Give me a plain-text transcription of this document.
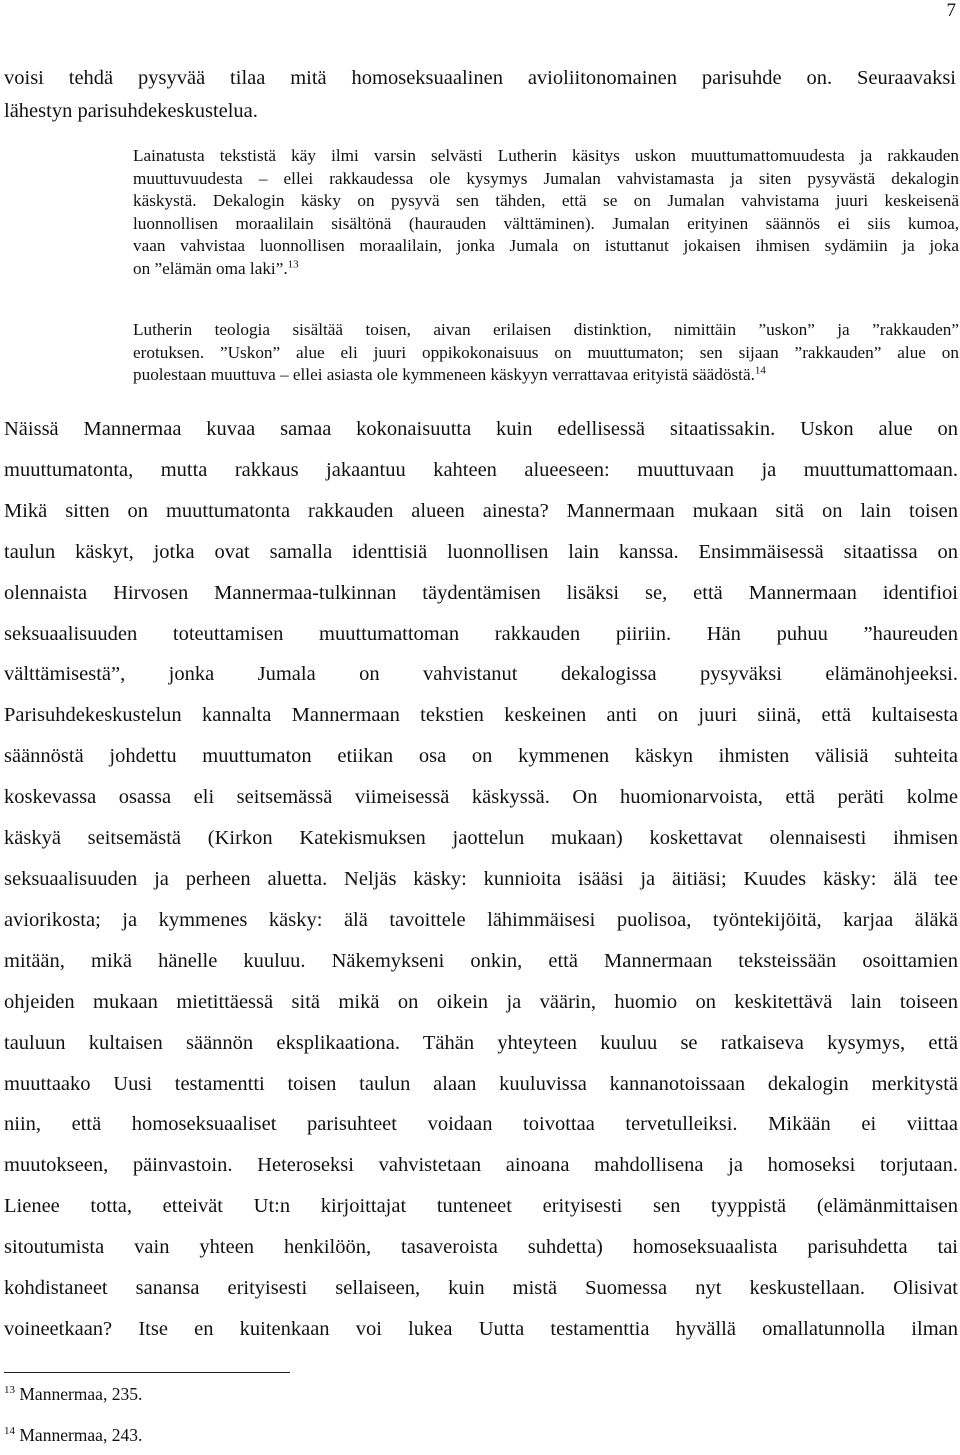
7
voisi tehdä pysyvää tilaa mitä homoseksuaalinen avioliitonomainen parisuhde on. Seuraavaksi
lähestyn parisuhdekeskustelua.
Lainatusta tekstistä käy ilmi varsin selvästi Lutherin käsitys uskon muuttumattomuudesta ja rakkauden
muuttuvuudesta – ellei rakkaudessa ole kysymys Jumalan vahvistamasta ja siten pysyvästä dekalogin
käskystä. Dekalogin käsky on pysyvä sen tähden, että se on Jumalan vahvistama juuri keskeisenä
luonnollisen moraalilain sisältönä (haurauden välttäminen). Jumalan erityinen säännös ei siis kumoa,
vaan vahvistaa luonnollisen moraalilain, jonka Jumala on istuttanut jokaisen ihmisen sydämiin ja joka
on ”elämän oma laki”.$^{13}$
Lutherin teologia sisältää toisen, aivan erilaisen distinktion, nimittäin ”uskon” ja ”rakkauden”
erotuksen. ”Uskon” alue eli juuri oppikokonaisuus on muuttumaton; sen sijaan ”rakkauden” alue on
puolestaan muuttuva – ellei asiasta ole kymmeneen käskyyn verrattavaa erityistä säädöstä.$^{14}$
Näissä Mannermaa kuvaa samaa kokonaisuutta kuin edellisessä sitaatissakin. Uskon alue on
muuttumatonta, mutta rakkaus jakaantuu kahteen alueeseen: muuttuvaan ja muuttumattomaan.
Mikä sitten on muuttumatonta rakkauden alueen ainesta? Mannermaan mukaan sitä on lain toisen
taulun käskyt, jotka ovat samalla identtisiä luonnollisen lain kanssa. Ensimmäisessä sitaatissa on
olennaista Hirvosen Mannermaa-tulkinnan täydentämisen lisäksi se, että Mannermaan identifioi
seksuaalisuuden toteuttamisen muuttumattoman rakkauden piiriin. Hän puhuu ”haureuden
välttämisestä”, jonka Jumala on vahvistanut dekalogissa pysyväksi elämänohjeeksi.
Parisuhdekeskustelun kannalta Mannermaan tekstien keskeinen anti on juuri siinä, että kultaisesta
säännöstä johdettu muuttumaton etiikan osa on kymmenen käskyn ihmisten välisiä suhteita
koskevassa osassa eli seitsemässä viimeisessä käskyssä. On huomionarvoista, että peräti kolme
käskyä seitsemästä (Kirkon Katekismuksen jaottelun mukaan) koskettavat olennaisesti ihmisen
seksuaalisuuden ja perheen aluetta. Neljäs käsky: kunnioita isääsi ja äitiäsi; Kuudes käsky: älä tee
aviorikosta; ja kymmenes käsky: älä tavoittele lähimmäisesi puolisoa, työntekijöitä, karjaa äläkä
mitään, mikä hänelle kuuluu. Näkemykseni onkin, että Mannermaan teksteissään osoittamien
ohjeiden mukaan mietittäessä sitä mikä on oikein ja väärin, huomio on keskitettävä lain toiseen
tauluun kultaisen säännön eksplikaationa. Tähän yhteyteen kuuluu se ratkaiseva kysymys, että
muuttaako Uusi testamentti toisen taulun alaan kuuluvissa kannanotoissaan dekalogin merkitystä
niin, että homoseksuaaliset parisuhteet voidaan toivottaa tervetulleiksi. Mikään ei viittaa
muutokseen, päinvastoin. Heteroseksi vahvistetaan ainoana mahdollisena ja homoseksi torjutaan.
Lienee totta, etteivät Ut:n kirjoittajat tunteneet erityisesti sen tyyppistä (elämänmittaisen
sitoutumista vain yhteen henkilöön, tasaveroista suhdetta) homoseksuaalista parisuhdetta tai
kohdistaneet sanansa erityisesti sellaiseen, kuin mistä Suomessa nyt keskustellaan. Olisivat
voineetkaan? Itse en kuitenkaan voi lukea Uutta testamenttia hyvällä omallatunnolla ilman
$^{13}$ Mannermaa, 235.
$^{14}$ Mannermaa, 243.
